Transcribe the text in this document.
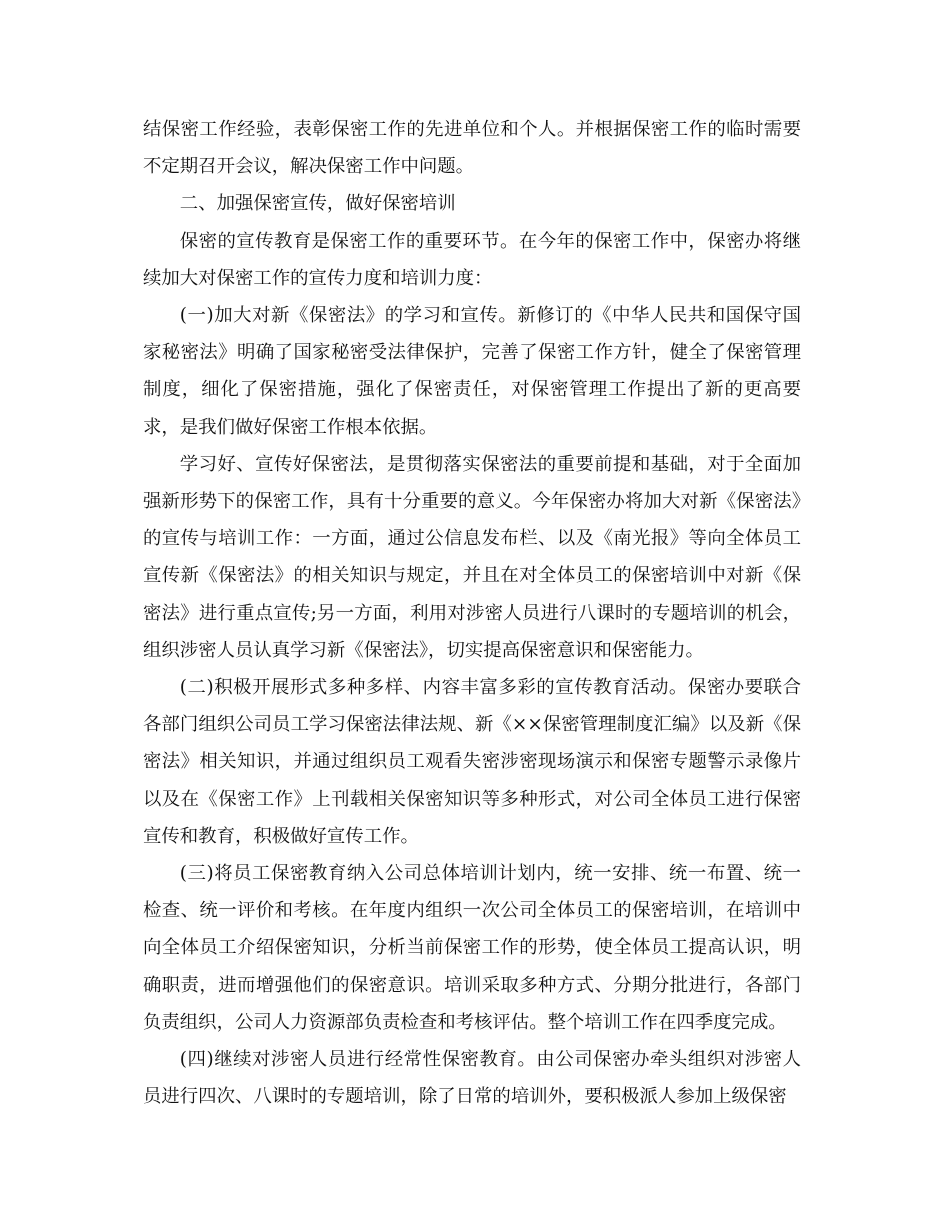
结保密工作经验，表彰保密工作的先进单位和个人。并根据保密工作的临时需要不定期召开会议，解决保密工作中问题。

二、加强保密宣传，做好保密培训

保密的宣传教育是保密工作的重要环节。在今年的保密工作中，保密办将继续加大对保密工作的宣传力度和培训力度：

(一)加大对新《保密法》的学习和宣传。新修订的《中华人民共和国保守国家秘密法》明确了国家秘密受法律保护，完善了保密工作方针，健全了保密管理制度，细化了保密措施，强化了保密责任，对保密管理工作提出了新的更高要求，是我们做好保密工作根本依据。

学习好、宣传好保密法，是贯彻落实保密法的重要前提和基础，对于全面加强新形势下的保密工作，具有十分重要的意义。今年保密办将加大对新《保密法》的宣传与培训工作：一方面，通过公信息发布栏、以及《南光报》等向全体员工宣传新《保密法》的相关知识与规定，并且在对全体员工的保密培训中对新《保密法》进行重点宣传;另一方面，利用对涉密人员进行八课时的专题培训的机会，组织涉密人员认真学习新《保密法》，切实提高保密意识和保密能力。

(二)积极开展形式多种多样、内容丰富多彩的宣传教育活动。保密办要联合各部门组织公司员工学习保密法律法规、新《××保密管理制度汇编》以及新《保密法》相关知识，并通过组织员工观看失密涉密现场演示和保密专题警示录像片以及在《保密工作》上刊载相关保密知识等多种形式，对公司全体员工进行保密宣传和教育，积极做好宣传工作。

(三)将员工保密教育纳入公司总体培训计划内，统一安排、统一布置、统一检查、统一评价和考核。在年度内组织一次公司全体员工的保密培训，在培训中向全体员工介绍保密知识，分析当前保密工作的形势，使全体员工提高认识，明确职责，进而增强他们的保密意识。培训采取多种方式、分期分批进行，各部门负责组织，公司人力资源部负责检查和考核评估。整个培训工作在四季度完成。

(四)继续对涉密人员进行经常性保密教育。由公司保密办牵头组织对涉密人员进行四次、八课时的专题培训，除了日常的培训外，要积极派人参加上级保密
